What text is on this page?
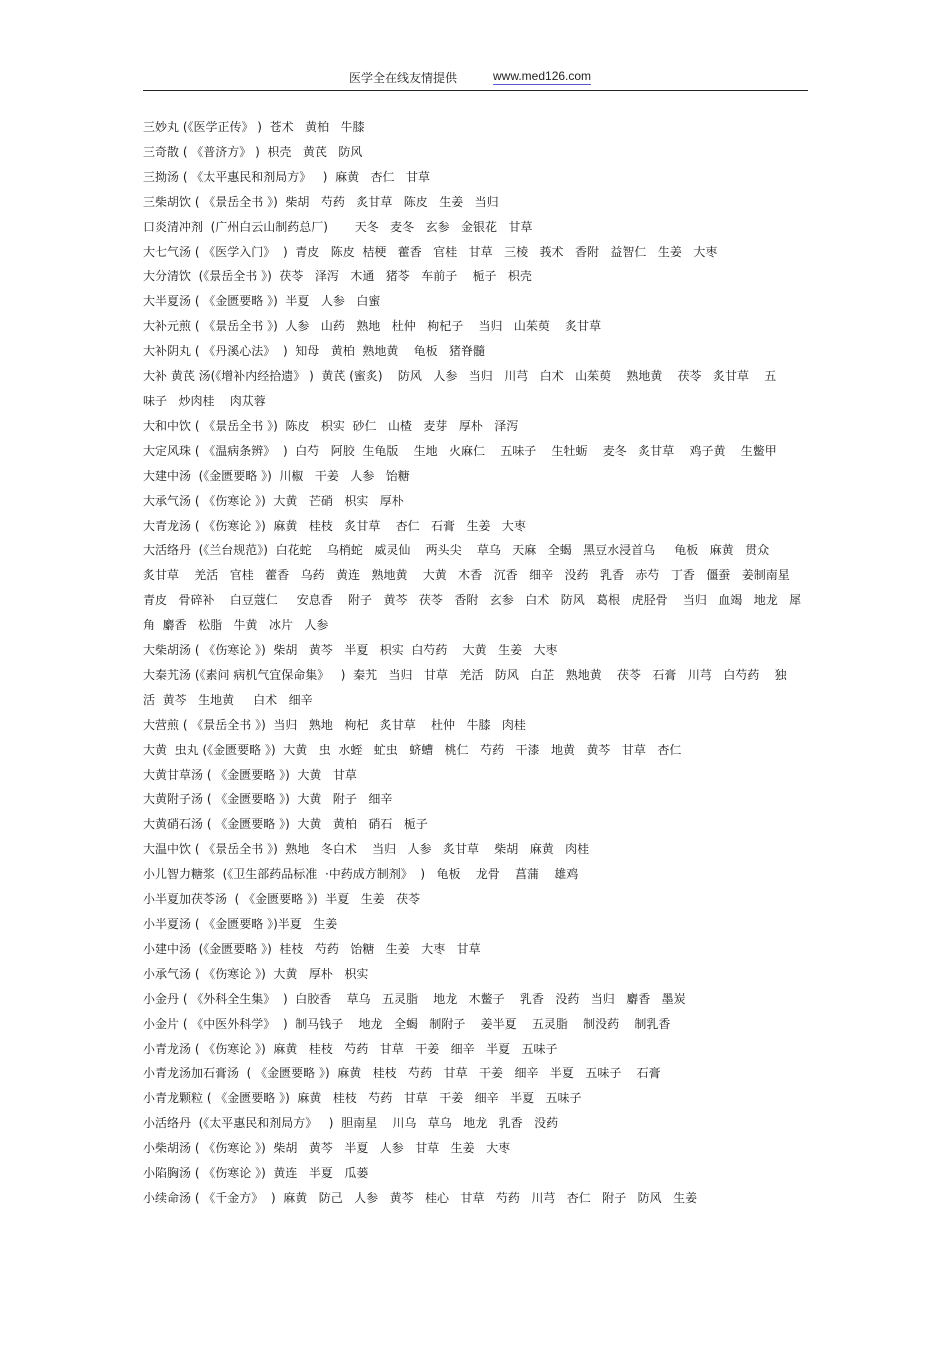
医学全在线友情提供	www.med126.com
三妙丸 (《医学正传》 )  苍术   黄柏   牛膝
三奇散 ( 《普济方》 )  枳壳   黄芪   防风
三拗汤 ( 《太平惠民和剂局方》   )  麻黄   杏仁   甘草
三柴胡饮 ( 《景岳全书 》)  柴胡   芍药   炙甘草   陈皮   生姜   当归
口炎清冲剂  (广州白云山制药总厂)       天冬   麦冬   玄参   金银花   甘草
大七气汤 ( 《医学入门》  )  青皮   陈皮  桔梗   藿香   官桂   甘草   三棱   莪术   香附   益智仁   生姜   大枣
大分清饮  (《景岳全书 》)  茯苓   泽泻   木通   猪苓   车前子    栀子   枳壳
大半夏汤 ( 《金匮要略 》)  半夏   人参   白蜜
大补元煎 ( 《景岳全书 》)  人参   山药   熟地   杜仲   枸杞子    当归   山茱萸    炙甘草
大补阴丸 ( 《丹溪心法》  )  知母   黄柏  熟地黄    龟板   猪脊髓
大补 黄芪 汤(《增补内经拾遗》 )  黄芪 (蜜炙)    防风   人参   当归   川芎   白术   山茱萸    熟地黄    茯苓   炙甘草    五
味子   炒肉桂    肉苁蓉
大和中饮 ( 《景岳全书 》)  陈皮   枳实  砂仁   山楂   麦芽   厚朴   泽泻
大定风珠 ( 《温病条辨》  )  白芍   阿胶  生龟版    生地   火麻仁    五味子    生牡蛎    麦冬   炙甘草    鸡子黄    生鳖甲
大建中汤  (《金匮要略 》)  川椒   干姜   人参   饴糖
大承气汤 ( 《伤寒论 》)  大黄   芒硝   枳实   厚朴
大青龙汤 ( 《伤寒论 》)  麻黄   桂枝   炙甘草    杏仁   石膏   生姜   大枣
大活络丹  (《兰台规范》)  白花蛇    乌梢蛇   威灵仙    两头尖    草乌   天麻   全蝎   黑豆水浸首乌     龟板   麻黄   贯众
炙甘草    羌活   官桂   藿香   乌药   黄连   熟地黄    大黄   木香   沉香   细辛   没药   乳香   赤芍   丁香   僵蚕   姜制南星
青皮   骨碎补    白豆蔻仁     安息香    附子   黄芩   茯苓   香附   玄参   白术   防风   葛根   虎胫骨    当归   血竭   地龙   犀
角  麝香   松脂   牛黄   冰片   人参
大柴胡汤 ( 《伤寒论 》)  柴胡   黄芩   半夏   枳实  白芍药    大黄   生姜   大枣
大秦艽汤 (《素问 病机气宜保命集》   )  秦艽   当归   甘草   羌活   防风   白芷   熟地黄    茯苓   石膏   川芎   白芍药    独
活  黄芩   生地黄     白术   细辛
大营煎 ( 《景岳全书 》)  当归   熟地   枸杞   炙甘草    杜仲   牛膝   肉桂
大黄  虫丸 (《金匮要略 》)  大黄   虫  水蛭   虻虫   蛴螬   桃仁   芍药   干漆   地黄   黄芩   甘草   杏仁
大黄甘草汤 ( 《金匮要略 》)  大黄   甘草
大黄附子汤 ( 《金匮要略 》)  大黄   附子   细辛
大黄硝石汤 ( 《金匮要略 》)  大黄   黄柏   硝石   栀子
大温中饮 ( 《景岳全书 》)  熟地   冬白术    当归   人参   炙甘草    柴胡   麻黄   肉桂
小儿智力糖浆  (《卫生部药品标准  ·中药成方制剂》  )   龟板    龙骨    菖蒲    雄鸡
小半夏加茯苓汤  ( 《金匮要略 》)  半夏   生姜   茯苓
小半夏汤 ( 《金匮要略 》)半夏   生姜
小建中汤  (《金匮要略 》)  桂枝   芍药   饴糖   生姜   大枣   甘草
小承气汤 ( 《伤寒论 》)  大黄   厚朴   枳实
小金丹 ( 《外科全生集》  )  白胶香    草乌   五灵脂    地龙   木鳖子    乳香   没药   当归   麝香   墨炭
小金片 ( 《中医外科学》  )  制马钱子    地龙   全蝎   制附子    姜半夏    五灵脂    制没药    制乳香
小青龙汤 ( 《伤寒论 》)  麻黄   桂枝   芍药   甘草   干姜   细辛   半夏   五味子
小青龙汤加石膏汤  ( 《金匮要略 》)  麻黄   桂枝   芍药   甘草   干姜   细辛   半夏   五味子    石膏
小青龙颗粒 ( 《金匮要略 》)  麻黄   桂枝   芍药   甘草   干姜   细辛   半夏   五味子
小活络丹  (《太平惠民和剂局方》   )  胆南星    川乌   草乌   地龙   乳香   没药
小柴胡汤 ( 《伤寒论 》)  柴胡   黄芩   半夏   人参   甘草   生姜   大枣
小陷胸汤 ( 《伤寒论 》)  黄连   半夏   瓜蒌
小续命汤 ( 《千金方》  )  麻黄   防己   人参   黄芩   桂心   甘草   芍药   川芎   杏仁   附子   防风   生姜
